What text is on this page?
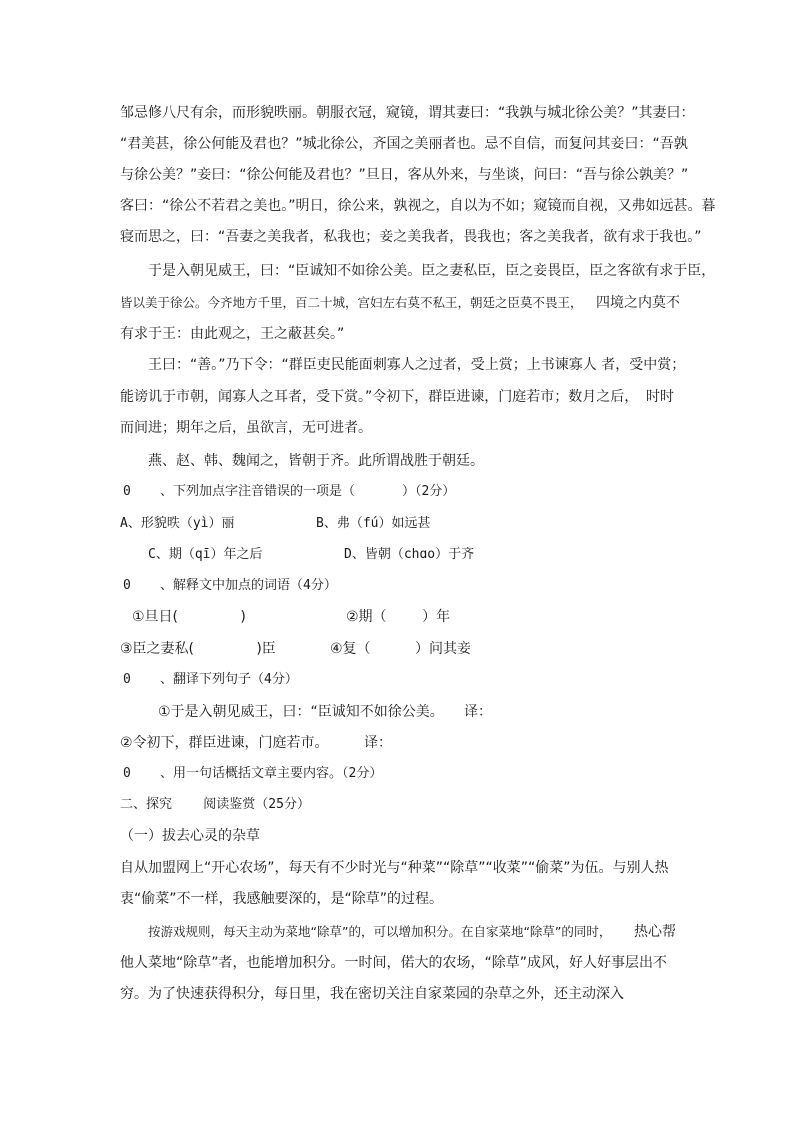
邹忌修八尺有余，而形貌昳丽。朝服衣冠，窥镜，谓其妻曰：“我孰与城北徐公美？”其妻曰：
“君美甚，徐公何能及君也？”城北徐公，齐国之美丽者也。忌不自信，而复问其妾曰：“吾孰
与徐公美？”妾曰：“徐公何能及君也？”旦日，客从外来，与坐谈，问曰：“吾与徐公孰美？”
客曰：“徐公不若君之美也。”明日，徐公来，孰视之，自以为不如；窥镜而自视，又弗如远甚。暮
寝而思之，曰：“吾妻之美我者，私我也；妾之美我者，畏我也；客之美我者，欲有求于我也。”
于是入朝见威王，曰：“臣诚知不如徐公美。臣之妻私臣，臣之妾畏臣，臣之客欲有求于臣，
皆以美于徐公。今齐地方千里，百二十城，宫妇左右莫不私王，朝廷之臣莫不畏王， 四境之内莫不
有求于王：由此观之，王之蔽甚矣。”
王曰：“善。”乃下令：“群臣吏民能面刺寡人之过者，受上赏；上书谏寡人 者，受中赏；
能谤讥于市朝，闻寡人之耳者，受下赏。”令初下，群臣进谏，门庭若市；数月之后， 时时
而间进；期年之后，虽欲言，无可进者。
燕、赵、韩、魏闻之，皆朝于齐。此所谓战胜于朝廷。
0 、下列加点字注音错误的一项是（      ）（2分）
A、形貌昳（yì）丽	B、弗（fú）如远甚
C、期（qī）年之后	D、皆朝（chɑo）于齐
0 、解释文中加点的词语（4分）
①旦日(              )	②期（        ）年
③臣之妻私(              )臣	④复（          ）问其妾
0 、翻译下列句子（4分）
①于是入朝见威王，曰：“臣诚知不如徐公美。 译：
②令初下，群臣进谏，门庭若市。	译：
0 、用一句话概括文章主要内容。（2分）
二、探究    阅读鉴赏（25分）
（一）拔去心灵的杂草
自从加盟网上“开心农场”，每天有不少时光与“种菜”“除草”“收菜”“偷菜”为伍。与别人热
衷“偷菜”不一样，我感触要深的，是“除草”的过程。
按游戏规则，每天主动为菜地“除草”的，可以增加积分。在自家菜地“除草”的同时， 热心帮
他人菜地“除草”者，也能增加积分。一时间，偌大的农场，“除草”成风，好人好事层出不
穷。为了快速获得积分，每日里，我在密切关注自家菜园的杂草之外，还主动深入
